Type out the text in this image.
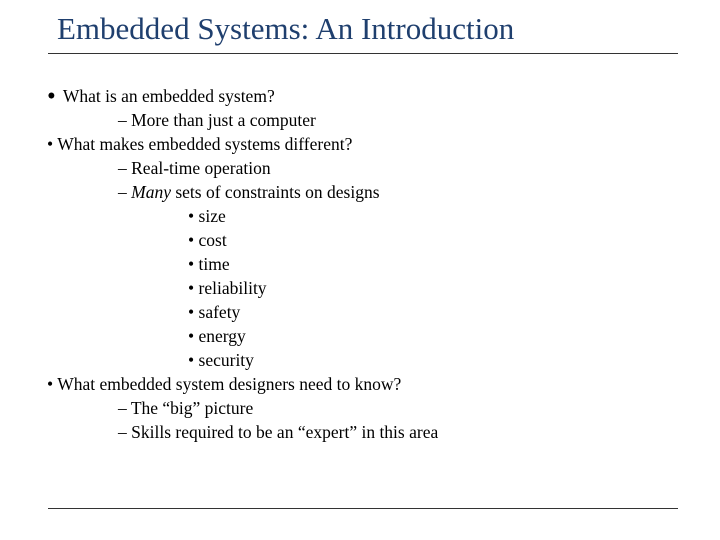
Embedded Systems: An Introduction
• What is an embedded system?
– More than just a computer
• What makes embedded systems different?
– Real-time operation
– Many sets of constraints on designs
• size
• cost
• time
• reliability
• safety
• energy
• security
• What embedded system designers need to know?
– The “big” picture
– Skills required to be an “expert” in this area
